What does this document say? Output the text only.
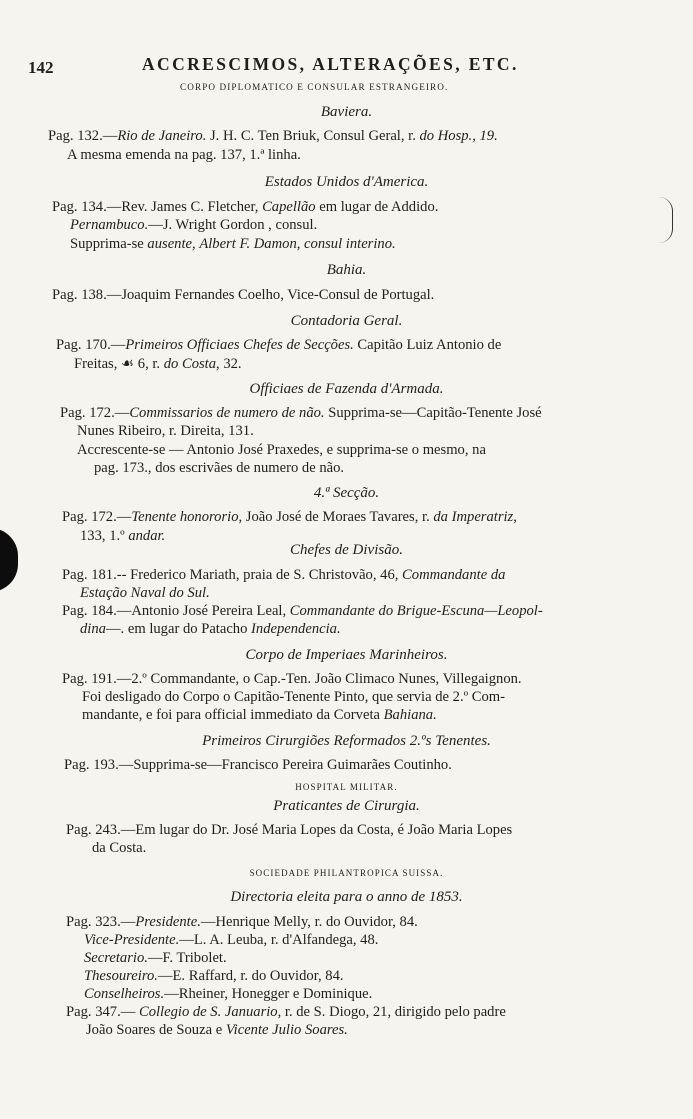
142	ACCRESCIMOS, ALTERAÇÕES, ETC.
CORPO DIPLOMATICO E CONSULAR ESTRANGEIRO.
Baviera.
Pag. 132.—Rio de Janeiro. J. H. C. Ten Briuk, Consul Geral, r. do Hosp., 19.
A mesma emenda na pag. 137, 1.ª linha.
Estados Unidos d'America.
Pag. 134.—Rev. James C. Fletcher, Capellão em lugar de Addido.
Pernambuco.—J. Wright Gordon , consul.
Supprima-se ausente, Albert F. Damon, consul interino.
Bahia.
Pag. 138.—Joaquim Fernandes Coelho, Vice-Consul de Portugal.
Contadoria Geral.
Pag. 170.—Primeiros Officiaes Chefes de Secções. Capitão Luiz Antonio de
Freitas, ☙ 6, r. do Costa, 32.
Officiaes de Fazenda d'Armada.
Pag. 172.—Commissarios de numero de não. Supprima-se—Capitão-Tenente José
Nunes Ribeiro, r. Direita, 131.
Accrescente-se — Antonio José Praxedes, e supprima-se o mesmo, na
pag. 173., dos escrivães de numero de não.
4.ª Secção.
Pag. 172.—Tenente honororio, João José de Moraes Tavares, r. da Imperatriz,
133, 1.º andar.
Chefes de Divisão.
Pag. 181.-- Frederico Mariath, praia de S. Christovão, 46, Commandante da
Estação Naval do Sul.
Pag. 184.—Antonio José Pereira Leal, Commandante do Brigue-Escuna—Leopol-
dina—. em lugar do Patacho Independencia.
Corpo de Imperiaes Marinheiros.
Pag. 191.—2.º Commandante, o Cap.-Ten. João Climaco Nunes, Villegaignon.
Foi desligado do Corpo o Capitão-Tenente Pinto, que servia de 2.º Com-
mandante, e foi para official immediato da Corveta Bahiana.
Primeiros Cirurgiões Reformados 2.ºs Tenentes.
Pag. 193.—Supprima-se—Francisco Pereira Guimarães Coutinho.
HOSPITAL MILITAR.
Praticantes de Cirurgia.
Pag. 243.—Em lugar do Dr. José Maria Lopes da Costa, é João Maria Lopes
da Costa.
SOCIEDADE PHILANTROPICA SUISSA.
Directoria eleita para o anno de 1853.
Pag. 323.—Presidente.—Henrique Melly, r. do Ouvidor, 84.
Vice-Presidente.—L. A. Leuba, r. d'Alfandega, 48.
Secretario.—F. Tribolet.
Thesoureiro.—E. Raffard, r. do Ouvidor, 84.
Conselheiros.—Rheiner, Honegger e Dominique.
Pag. 347.— Collegio de S. Januario, r. de S. Diogo, 21, dirigido pelo padre
João Soares de Souza e Vicente Julio Soares.
